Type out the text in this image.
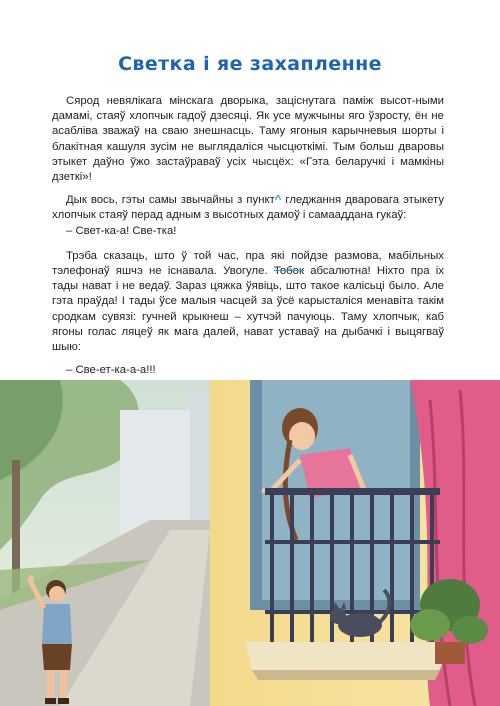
Светка і яе захапленне

Сярод невялікага мінскага дворыка, зацiснутага паміж высот-ными дамамі, стаяў хлопчык гадоў дзесяці. Як усе мужчыны яго ўзросту, ён не асабліва зважаў на сваю знешнасць. Таму ягоныя карычневыя шорты і блакітная кашуля зусім не выглядаліся чысцюткімі. Тым больш дваровы этыкет даўно ўжо застаўраваў усіх чысцёх: «Гэта беларучкі і мамкіны дзеткі»!

Дык вось, гэты самы звычайны з пункт^ гледжання дваровага этыкету хлопчык стаяў перад адным з высотных дамоў і самааддана гукаў:

– Свет-ка-а! Све-тка!

Трэба сказаць, што ў той час, пра які пойдзе размова, мабільных тэлефонаў яшчэ не існавала. Увогуле. Тобок абсалютна! Ніхто пра іх тады нават і не ведаў. Зараз цяжка ўявіць, што такое калісьці было. Але гэта праўда! І тады ўсе малыя часцей за ўсё карысталіся менавіта такім сродкам сувязі: гучней крыкнеш – хутчэй пачуюць. Таму хлопчык, каб ягоны голас ляцеў як мага далей, нават уставаў на дыбачкі і выцягваў шыю:

– Све-ет-ка-а-а!!!
